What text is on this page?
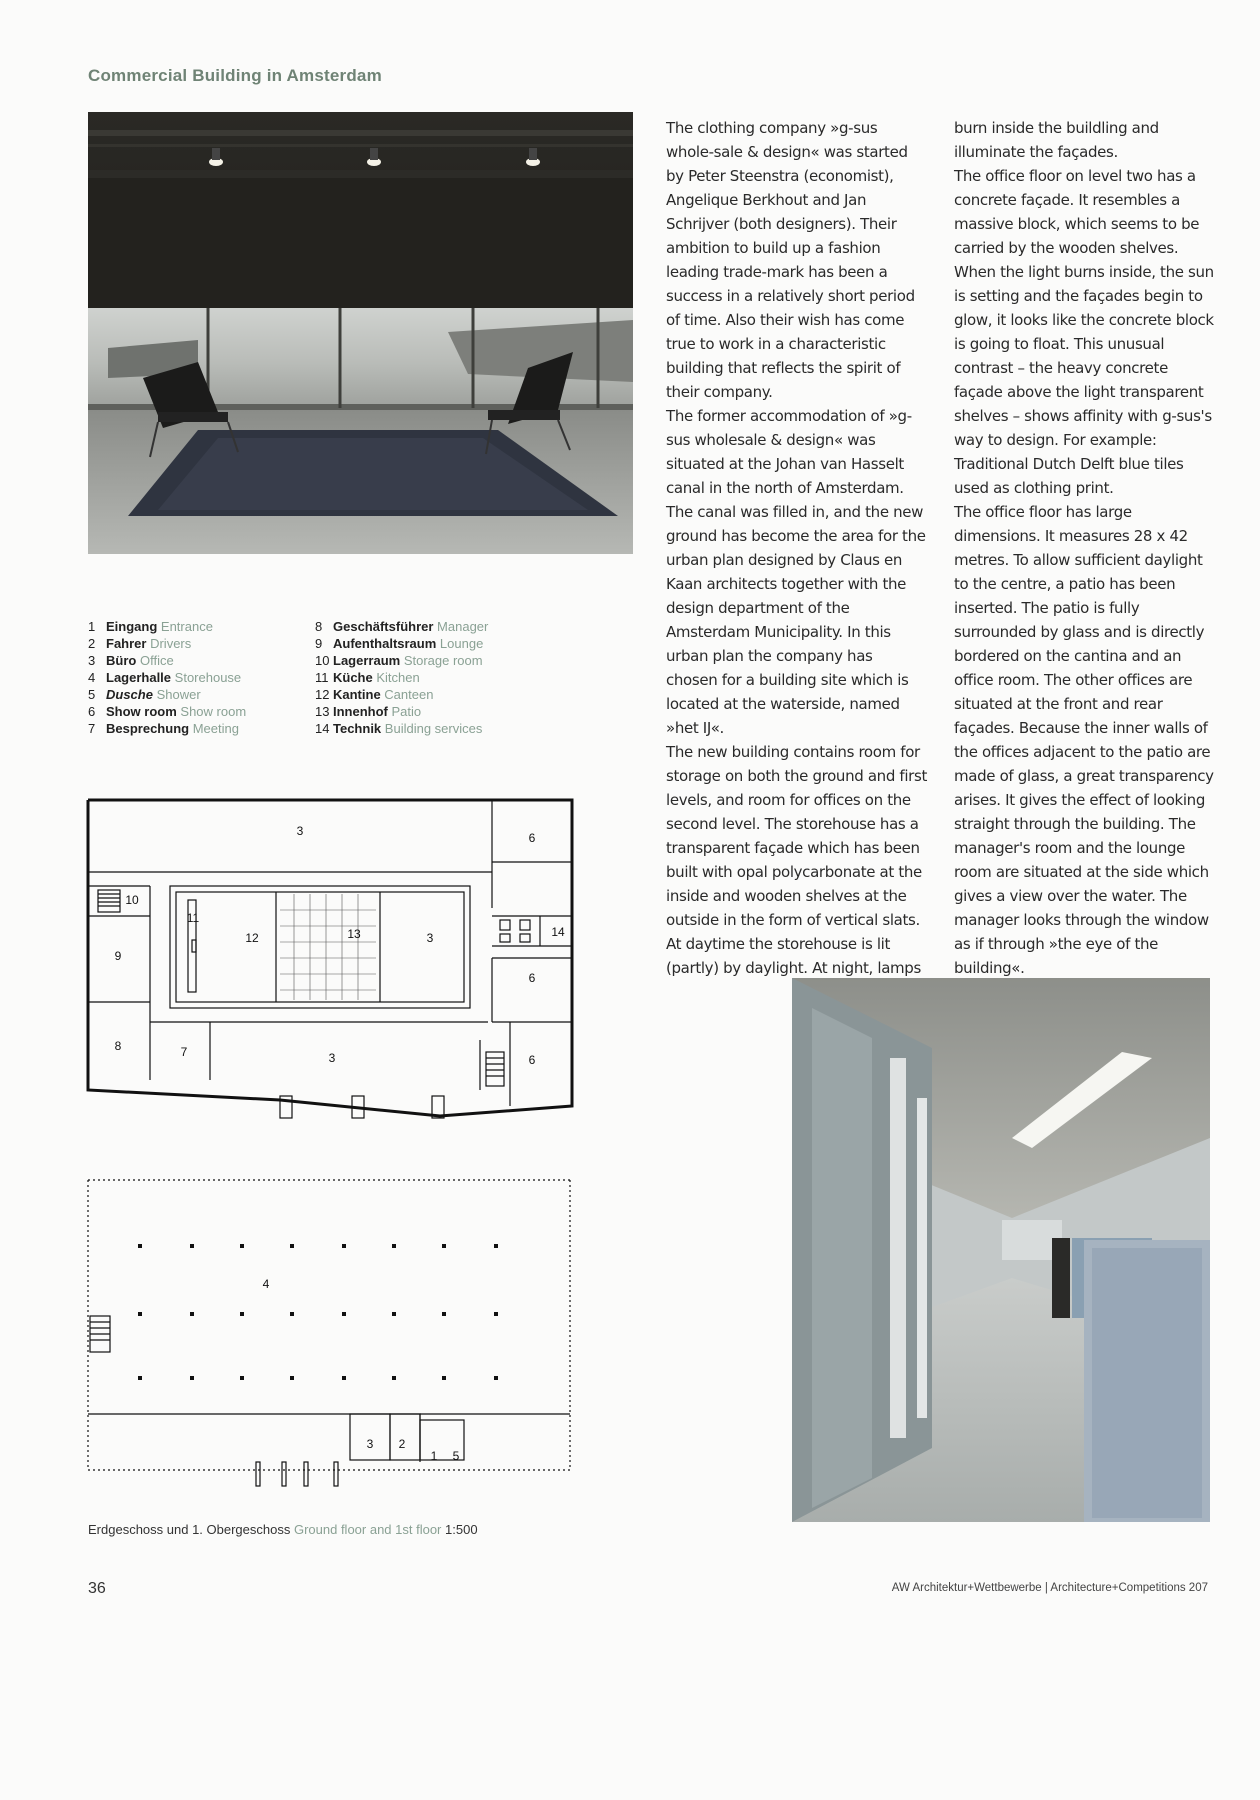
Commercial Building in Amsterdam
1 Eingang Entrance
2 Fahrer Drivers
3 Büro Office
4 Lagerhalle Storehouse
5 Dusche Shower
6 Show room Show room
7 Besprechung Meeting
8 Geschäftsführer Manager
9 Aufenthaltsraum Lounge
10 Lagerraum Storage room
11 Küche Kitchen
12 Kantine Canteen
13 Innenhof Patio
14 Technik Building services
3	6
10
11
12	13	3	14
9
6
8	7	3	6
4
3 2
1 5
Erdgeschoss und 1. Obergeschoss Ground floor and 1st floor 1:500

The clothing company »g-sus whole-sale & design« was started by Peter Steenstra (economist), Angelique Berkhout and Jan Schrijver (both designers). Their ambition to build up a fashion leading trade-mark has been a success in a relatively short period of time. Also their wish has come true to work in a characteristic building that reflects the spirit of their company.

The former accommodation of »g-sus wholesale & design« was situated at the Johan van Hasselt canal in the north of Amsterdam. The canal was filled in, and the new ground has become the area for the urban plan designed by Claus en Kaan architects together with the design department of the Amsterdam Municipality. In this urban plan the company has chosen for a building site which is located at the waterside, named »het IJ«.

The new building contains room for storage on both the ground and first levels, and room for offices on the second level. The storehouse has a transparent façade which has been built with opal polycarbonate at the inside and wooden shelves at the outside in the form of vertical slats. At daytime the storehouse is lit (partly) by daylight. At night, lamps

burn inside the buildling and illuminate the façades.

The office floor on level two has a concrete façade. It resembles a massive block, which seems to be carried by the wooden shelves. When the light burns inside, the sun is setting and the façades begin to glow, it looks like the concrete block is going to float. This unusual contrast – the heavy concrete façade above the light transparent shelves – shows affinity with g-sus's way to design. For example: Traditional Dutch Delft blue tiles used as clothing print.

The office floor has large dimensions. It measures 28 x 42 metres. To allow sufficient daylight to the centre, a patio has been inserted. The patio is fully surrounded by glass and is directly bordered on the cantina and an office room. The other offices are situated at the front and rear façades. Because the inner walls of the offices adjacent to the patio are made of glass, a great transparency arises. It gives the effect of looking straight through the building. The manager's room and the lounge room are situated at the side which gives a view over the water. The manager looks through the window as if through »the eye of the building«.

36	AW Architektur+Wettbewerbe | Architecture+Competitions 207
